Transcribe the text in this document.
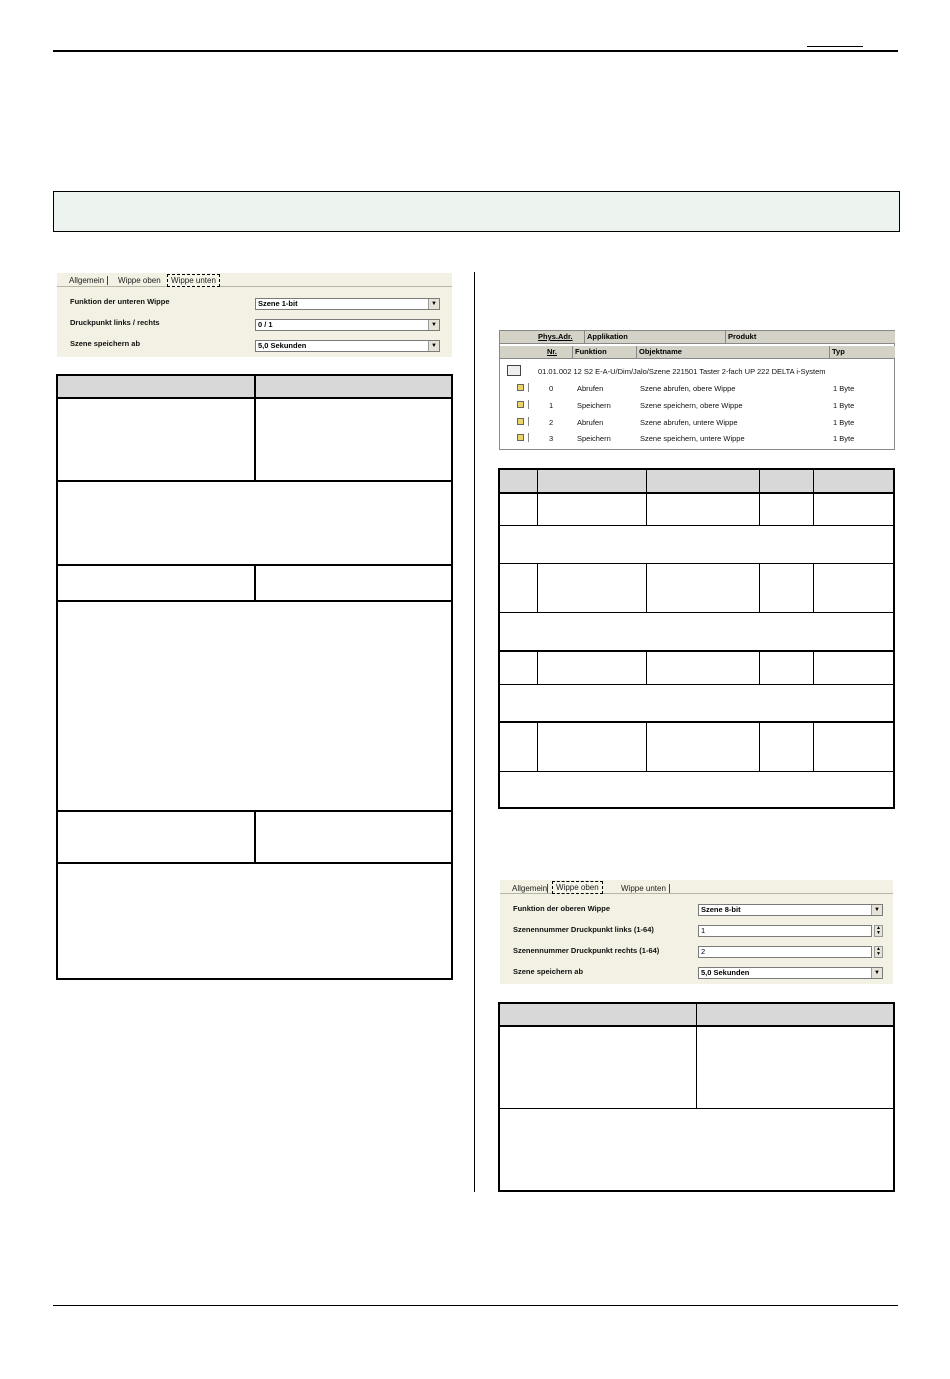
Allgemein Wippe oben	Wippe unten
Funktion der unteren Wippe	Szene 1-bit	▼
Druckpunkt links / rechts	0 / 1	▼
Szene speichern ab	5,0 Sekunden	▼
Phys.Adr.	Applikation	Produkt
Nr.	Funktion	Objektname	Typ
01.01.002 12 S2 E-A-U/Dim/Jalo/Szene 221501 Taster 2-fach UP 222 DELTA i-System
0	Abrufen	Szene abrufen, obere Wippe	1 Byte
1	Speichern	Szene speichern, obere Wippe	1 Byte
2	Abrufen	Szene abrufen, untere Wippe	1 Byte
3	Speichern	Szene speichern, untere Wippe	1 Byte
Allgemein	Wippe oben	Wippe unten
Funktion der oberen Wippe	Szene 8-bit	▼
Szenennummer Druckpunkt links (1-64)	1	▲
▼
Szenennummer Druckpunkt rechts (1-64)	2	▲
▼
Szene speichern ab	5,0 Sekunden	▼
